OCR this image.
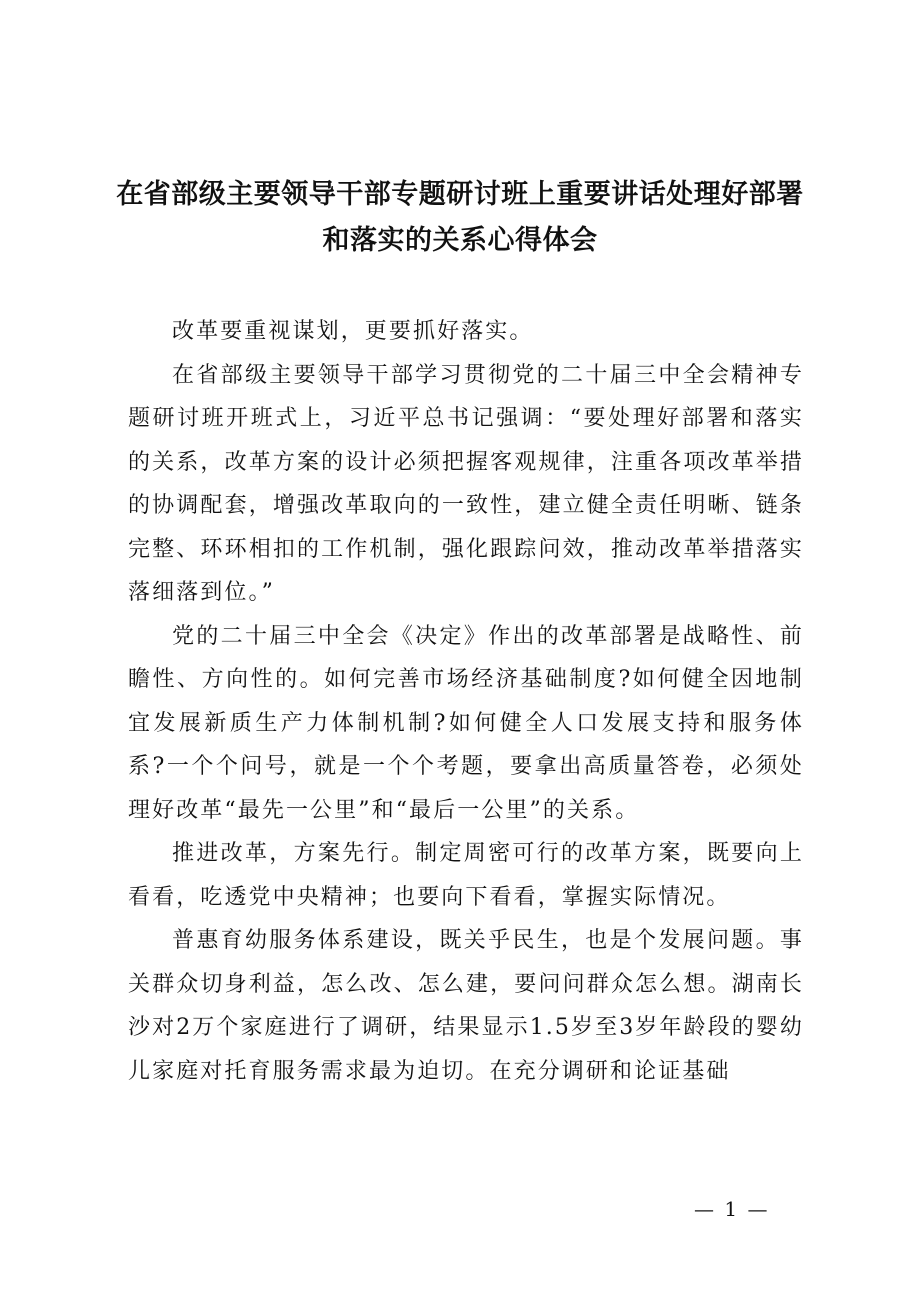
在省部级主要领导干部专题研讨班上重要讲话处理好部署和落实的关系心得体会

改革要重视谋划，更要抓好落实。

在省部级主要领导干部学习贯彻党的二十届三中全会精神专题研讨班开班式上，习近平总书记强调：“要处理好部署和落实的关系，改革方案的设计必须把握客观规律，注重各项改革举措的协调配套，增强改革取向的一致性，建立健全责任明晰、链条完整、环环相扣的工作机制，强化跟踪问效，推动改革举措落实落细落到位。”

党的二十届三中全会《决定》作出的改革部署是战略性、前瞻性、方向性的。如何完善市场经济基础制度?如何健全因地制宜发展新质生产力体制机制?如何健全人口发展支持和服务体系?一个个问号，就是一个个考题，要拿出高质量答卷，必须处理好改革“最先一公里”和“最后一公里”的关系。

推进改革，方案先行。制定周密可行的改革方案，既要向上看看，吃透党中央精神；也要向下看看，掌握实际情况。

普惠育幼服务体系建设，既关乎民生，也是个发展问题。事关群众切身利益，怎么改、怎么建，要问问群众怎么想。湖南长沙对2万个家庭进行了调研，结果显示1.5岁至3岁年龄段的婴幼儿家庭对托育服务需求最为迫切。在充分调研和论证基础

— 1 —
